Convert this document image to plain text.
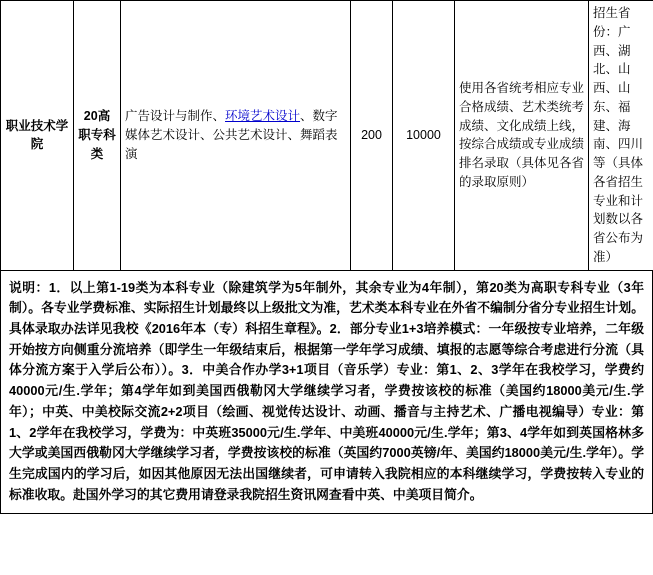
职业技术学院	20高职专科类	广告设计与制作、环境艺术设计、数字媒体艺术设计、公共艺术设计、舞蹈表演	200	10000	使用各省统考相应专业合格成绩、艺术类统考成绩、文化成绩上线，按综合成绩或专业成绩排名录取（具体见各省的录取原则）	招生省份：广西、湖北、山西、山东、福建、海南、四川等（具体各省招生专业和计划数以各省公布为准）
说明：1．以上第1-19类为本科专业（除建筑学为5年制外，其余专业为4年制），第20类为高职专科专业（3年制）。各专业学费标准、实际招生计划最终以上级批文为准，艺术类本科专业在外省不编制分省分专业招生计划。具体录取办法详见我校《2016年本（专）科招生章程》。2．部分专业1+3培养模式：一年级按专业培养，二年级开始按方向侧重分流培养（即学生一年级结束后，根据第一学年学习成绩、填报的志愿等综合考虑进行分流（具体分流方案于入学后公布））。3．中美合作办学3+1项目（音乐学）专业：第1、2、3学年在我校学习，学费约40000元/生.学年；第4学年如到美国西俄勒冈大学继续学习者，学费按该校的标准（美国约18000美元/生.学年）；中英、中美校际交流2+2项目（绘画、视觉传达设计、动画、播音与主持艺术、广播电视编导）专业：第1、2学年在我校学习，学费为：中英班35000元/生.学年、中美班40000元/生.学年；第3、4学年如到英国格林多大学或美国西俄勒冈大学继续学习者，学费按该校的标准（英国约7000英镑/年、美国约18000美元/生.学年）。学生完成国内的学习后，如因其他原因无法出国继续者，可申请转入我院相应的本科继续学习，学费按转入专业的标准收取。赴国外学习的其它费用请登录我院招生资讯网查看中英、中美项目简介。
